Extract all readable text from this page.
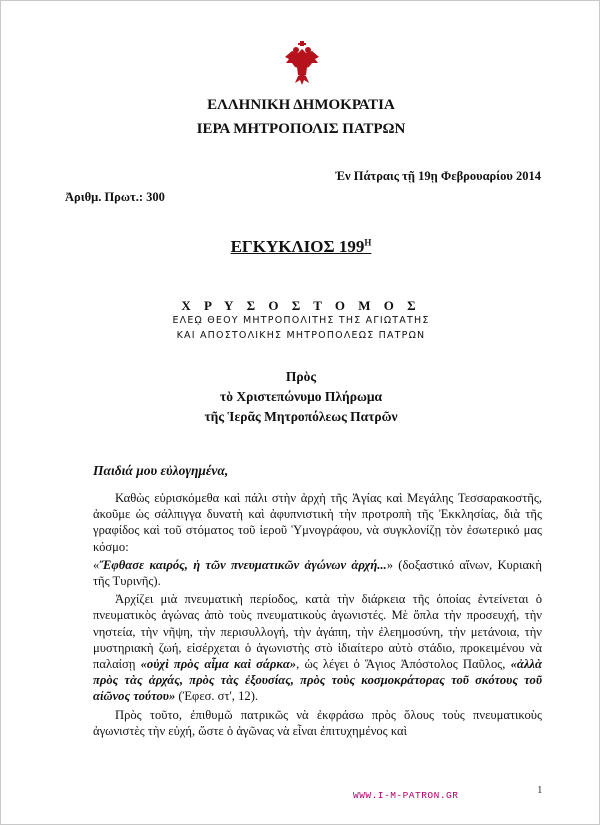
ΕΛΛΗΝΙΚΗ ΔΗΜΟΚΡΑΤΙΑ
ΙΕΡΑ ΜΗΤΡΟΠΟΛΙΣ ΠΑΤΡΩΝ
Ἐν Πάτραις τῇ 19ῃ Φεβρουαρίου 2014
Ἀριθμ. Πρωτ.: 300
ΕΓΚΥΚΛΙΟΣ $199^H$
Χ Ρ Υ Σ Ο Σ Τ Ο Μ Ο Σ
ΕΛΕῼ ΘΕΟΥ ΜΗΤΡΟΠΟΛΙΤΗΣ ΤΗΣ ΑΓΙΩΤΑΤΗΣ
ΚΑΙ ΑΠΟΣΤΟΛΙΚΗΣ ΜΗΤΡΟΠΟΛΕΩΣ ΠΑΤΡΩΝ
Πρὸς
τὸ Χριστεπώνυμο Πλήρωμα
τῆς Ἱερᾶς Μητροπόλεως Πατρῶν
Παιδιά μου εὐλογημένα,

Καθὼς εὑρισκόμεθα καὶ πάλι στὴν ἀρχὴ τῆς Ἁγίας καὶ Μεγάλης Τεσσαρακοστῆς, ἀκοῦμε ὡς σάλπιγγα δυνατὴ καὶ ἀφυπνιστικὴ τὴν προτροπὴ τῆς Ἐκκλησίας, διὰ τῆς γραφίδος καὶ τοῦ στόματος τοῦ ἱεροῦ Ὑμνογράφου, νὰ συγκλονίζῃ τὸν ἐσωτερικό μας κόσμο:

«Ἔφθασε καιρός, ἡ τῶν πνευματικῶν ἀγώνων ἀρχή...» (δοξαστικό αἴνων, Κυριακὴ τῆς Τυρινῆς).

Ἀρχίζει μιὰ πνευματικὴ περίοδος, κατὰ τὴν διάρκεια τῆς ὁποίας ἐντείνεται ὁ πνευματικὸς ἀγώνας ἀπὸ τοὺς πνευματικοὺς ἀγωνιστές. Μὲ ὅπλα τὴν προσευχή, τὴν νηστεία, τὴν νῆψη, τὴν περισυλλογή, τὴν ἀγάπη, τὴν ἐλεημοσύνη, τὴν μετάνοια, τὴν μυστηριακὴ ζωή, εἰσέρχεται ὁ ἀγωνιστὴς στὸ ἰδιαίτερο αὐτὸ στάδιο, προκειμένου νὰ παλαίσῃ «οὐχὶ πρὸς αἷμα καὶ σάρκα», ὡς λέγει ὁ Ἅγιος Ἀπόστολος Παῦλος, «ἀλλὰ πρὸς τὰς ἀρχάς, πρὸς τὰς ἐξουσίας, πρὸς τοὺς κοσμοκράτορας τοῦ σκότους τοῦ αἰῶνος τούτου» (Ἐφεσ. στ', 12).

Πρὸς τοῦτο, ἐπιθυμῶ πατρικῶς νὰ ἐκφράσω πρὸς ὅλους τοὺς πνευματικοὺς ἀγωνιστὲς τὴν εὐχή, ὥστε ὁ ἀγῶνας νὰ εἶναι ἐπιτυχημένος καὶ

WWW.I-M-PATRON.GR	1
